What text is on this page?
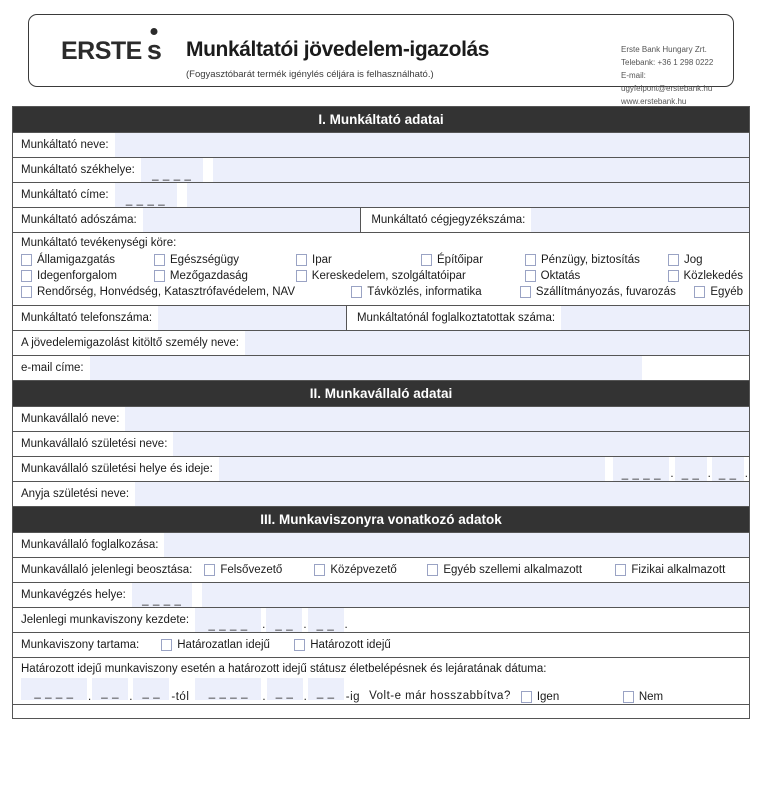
ERSTE s Munkáltatói jövedelem-igazolás
(Fogyasztóbarát termék igénylés céljára is felhasználható.)
Erste Bank Hungary Zrt.
Telebank: +36 1 298 0222
E-mail: ugyfelpont@erstebank.hu
www.erstebank.hu
I. Munkáltató adatai
Munkáltató neve:
Munkáltató székhelye:	_ _ _ _
Munkáltató címe:	_ _ _ _
Munkáltató adószáma:	Munkáltató cégjegyzékszáma:
Munkáltató tevékenységi köre:
Államigazgatás	Egészségügy	Ipar	Építőipar	Pénzügy, biztosítás	Jog
Idegenforgalom	Mezőgazdaság	Kereskedelem, szolgáltatóipar	Oktatás	Közlekedés
Rendőrség, Honvédség, Katasztrófavédelem, NAV	Távközlés, informatika	Szállítmányozás, fuvarozás	Egyéb
Munkáltató telefonszáma:	Munkáltatónál foglalkoztatottak száma:
A jövedelemigazolást kitöltő személy neve:
e-mail címe:
II. Munkavállaló adatai
Munkavállaló neve:
Munkavállaló születési neve:
Munkavállaló születési helye és ideje:	_ _ _ _ . _ _ . _ _ .
Anyja születési neve:
III. Munkaviszonyra vonatkozó adatok
Munkavállaló foglalkozása:
Munkavállaló jelenlegi beosztása:	Felsővezető	Középvezető	Egyéb szellemi alkalmazott	Fizikai alkalmazott
Munkavégzés helye:	_ _ _ _
Jelenlegi munkaviszony kezdete:	_ _ _ _ . _ _ . _ _ .
Munkaviszony tartama:	Határozatlan idejű	Határozott idejű
Határozott idejű munkaviszony esetén a határozott idejű státusz életbelépésnek és lejáratának dátuma:
_ _ _ _ . _ _ . _ _ -tól	_ _ _ _ . _ _ . _ _ -ig Volt-e már hosszabbítva? Igen	Nem
